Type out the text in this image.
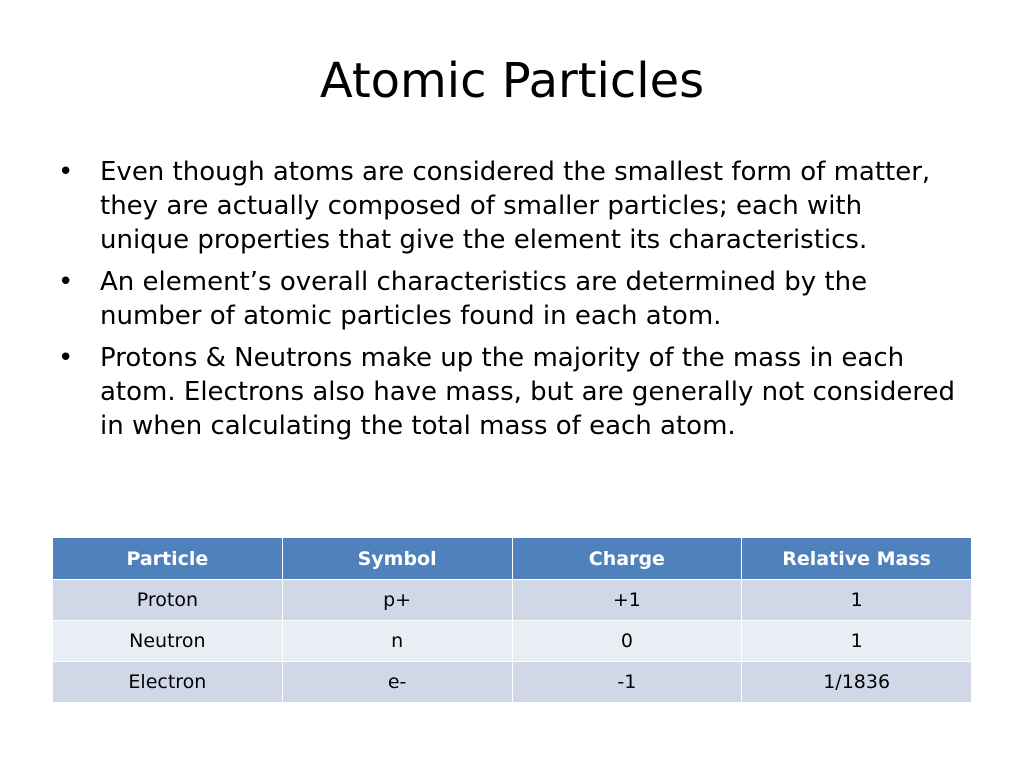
Atomic Particles
•	Even though atoms are considered the smallest form of matter, they are actually composed of smaller particles; each with unique properties that give the element its characteristics.
•	An element’s overall characteristics are determined by the number of atomic particles found in each atom.
•	Protons & Neutrons make up the majority of the mass in each atom. Electrons also have mass, but are generally not considered in when calculating the total mass of each atom.
Particle	Symbol	Charge	Relative Mass
Proton	p+	+1	1
Neutron	n	0	1
Electron	e-	-1	1/1836
